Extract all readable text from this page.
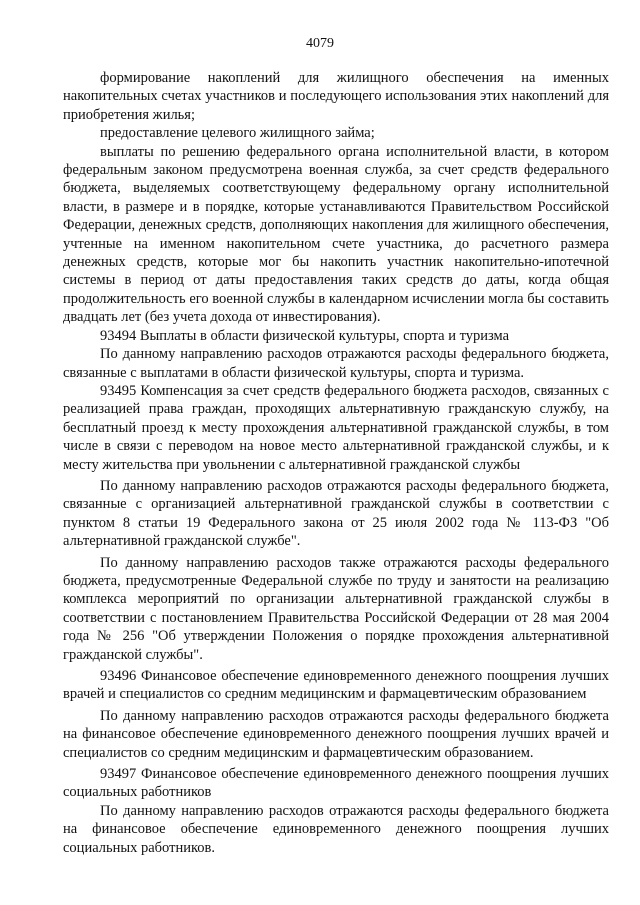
4079

формирование накоплений для жилищного обеспечения на именных накопительных счетах участников и последующего использования этих накоплений для приобретения жилья;

предоставление целевого жилищного займа;

выплаты по решению федерального органа исполнительной власти, в котором федеральным законом предусмотрена военная служба, за счет средств федерального бюджета, выделяемых соответствующему федеральному органу исполнительной власти, в размере и в порядке, которые устанавливаются Правительством Российской Федерации, денежных средств, дополняющих накопления для жилищного обеспечения, учтенные на именном накопительном счете участника, до расчетного размера денежных средств, которые мог бы накопить участник накопительно-ипотечной системы в период от даты предоставления таких средств до даты, когда общая продолжительность его военной службы в календарном исчислении могла бы составить двадцать лет (без учета дохода от инвестирования).

93494 Выплаты в области физической культуры, спорта и туризма

По данному направлению расходов отражаются расходы федерального бюджета, связанные с выплатами в области физической культуры, спорта и туризма.

93495 Компенсация за счет средств федерального бюджета расходов, связанных с реализацией права граждан, проходящих альтернативную гражданскую службу, на бесплатный проезд к месту прохождения альтернативной гражданской службы, в том числе в связи с переводом на новое место альтернативной гражданской службы, и к месту жительства при увольнении с альтернативной гражданской службы

По данному направлению расходов отражаются расходы федерального бюджета, связанные с организацией альтернативной гражданской службы в соответствии с пунктом 8 статьи 19 Федерального закона от 25 июля 2002 года № 113-ФЗ "Об альтернативной гражданской службе".

По данному направлению расходов также отражаются расходы федерального бюджета, предусмотренные Федеральной службе по труду и занятости на реализацию комплекса мероприятий по организации альтернативной гражданской службы в соответствии с постановлением Правительства Российской Федерации от 28 мая 2004 года № 256 "Об утверждении Положения о порядке прохождения альтернативной гражданской службы".

93496 Финансовое обеспечение единовременного денежного поощрения лучших врачей и специалистов со средним медицинским и фармацевтическим образованием

По данному направлению расходов отражаются расходы федерального бюджета на финансовое обеспечение единовременного денежного поощрения лучших врачей и специалистов со средним медицинским и фармацевтическим образованием.

93497 Финансовое обеспечение единовременного денежного поощрения лучших социальных работников

По данному направлению расходов отражаются расходы федерального бюджета на финансовое обеспечение единовременного денежного поощрения лучших социальных работников.
